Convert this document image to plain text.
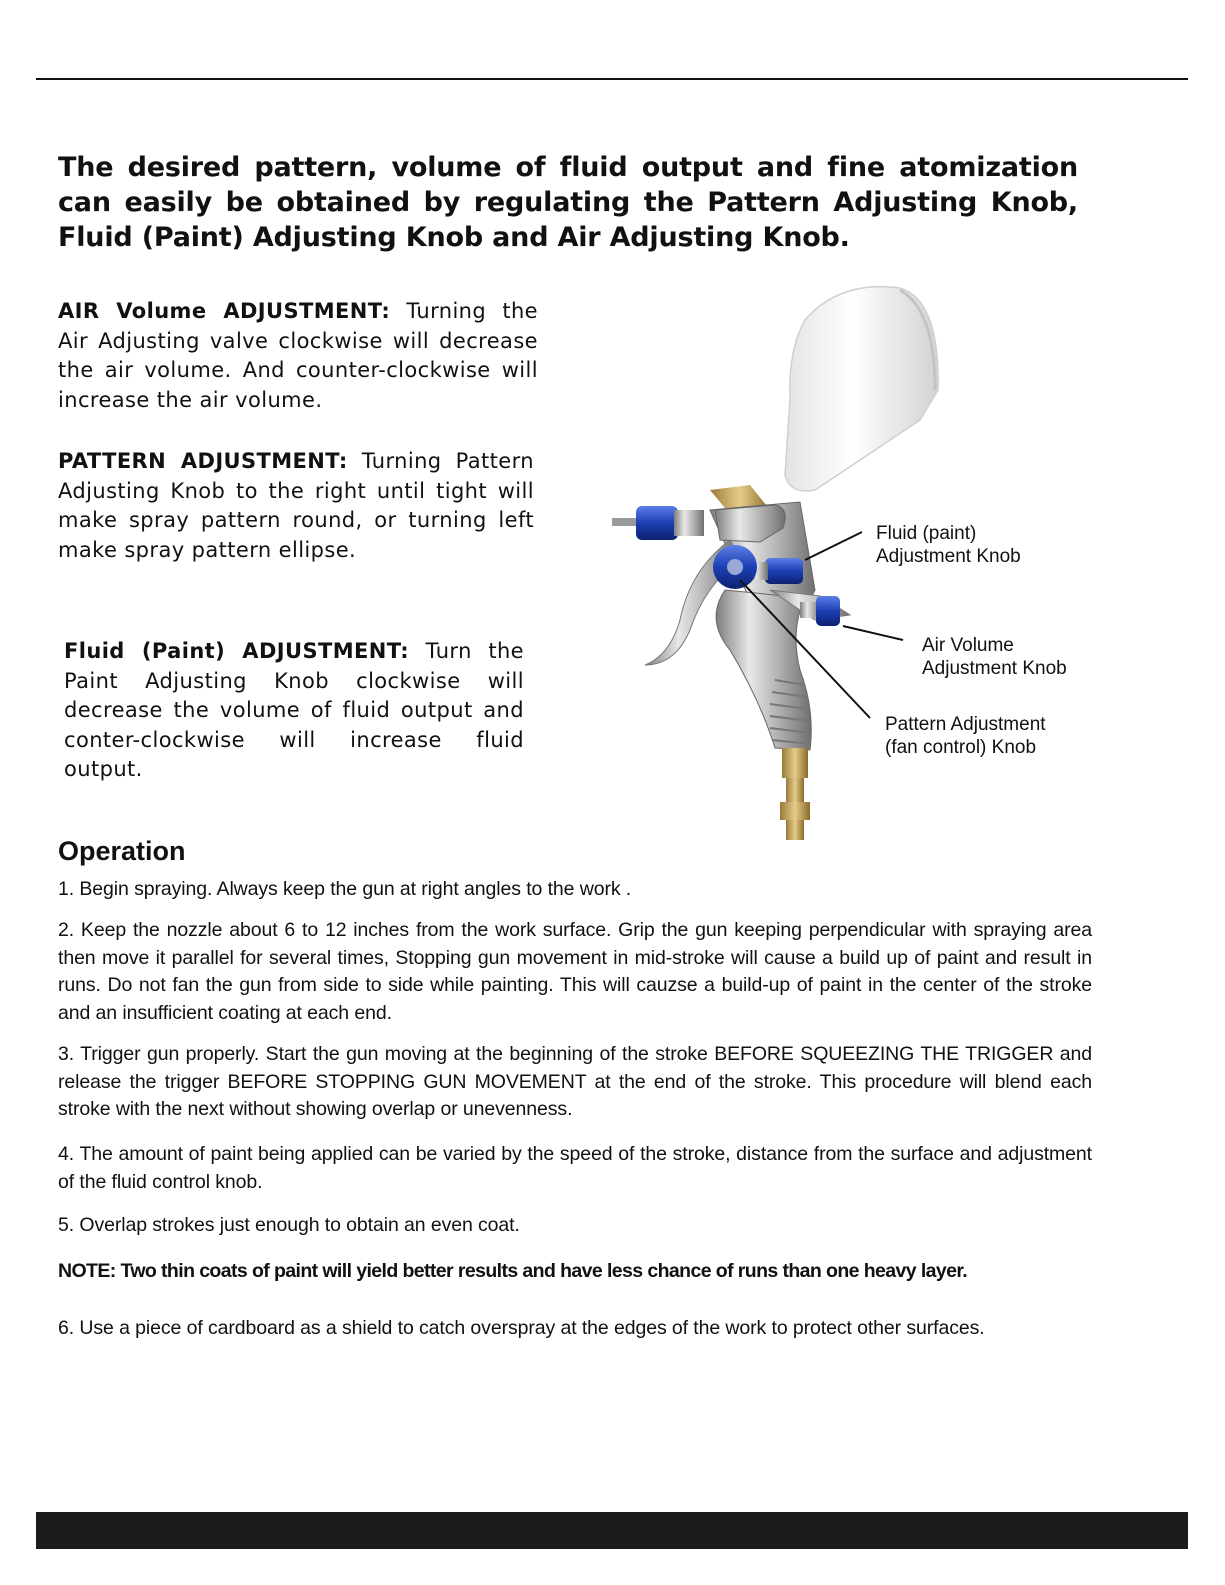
The desired pattern, volume of fluid output and fine atomization can easily be obtained by regulating the Pattern Adjusting Knob, Fluid (Paint) Adjusting Knob and Air Adjusting Knob.

AIR Volume ADJUSTMENT: Turning the Air Adjusting valve clockwise will decrease the air volume. And counter-clockwise will increase the air volume.

PATTERN ADJUSTMENT: Turning Pattern Adjusting Knob to the right until tight will make spray pattern round, or turning left make spray pattern ellipse.

Fluid (Paint) ADJUSTMENT: Turn the Paint Adjusting Knob clockwise will decrease the volume of fluid output and conter-clockwise will increase fluid output.

Fluid (paint)
Adjustment Knob

Air Volume
Adjustment Knob

Pattern Adjustment
(fan control) Knob

Operation

1. Begin spraying. Always keep the gun at right angles to the work .

2. Keep the nozzle about 6 to 12 inches from the work surface. Grip the gun keeping perpendicular with spraying area then move it parallel for several times, Stopping gun movement in mid-stroke will cause a build up of paint and result in runs. Do not fan the gun from side to side while painting. This will cauzse a build-up of paint in the center of the stroke and an insufficient coating at each end.

3. Trigger gun properly. Start the gun moving at the beginning of the stroke BEFORE SQUEEZING THE TRIGGER and release the trigger BEFORE STOPPING GUN MOVEMENT at the end of the stroke. This procedure will blend each stroke with the next without showing overlap or unevenness.

4. The amount of paint being applied can be varied by the speed of the stroke, distance from the surface and adjustment of the fluid control knob.

5. Overlap strokes just enough to obtain an even coat.

NOTE: Two thin coats of paint will yield better results and have less chance of runs than one heavy layer.

6. Use a piece of cardboard as a shield to catch overspray at the edges of the work to protect other surfaces.
